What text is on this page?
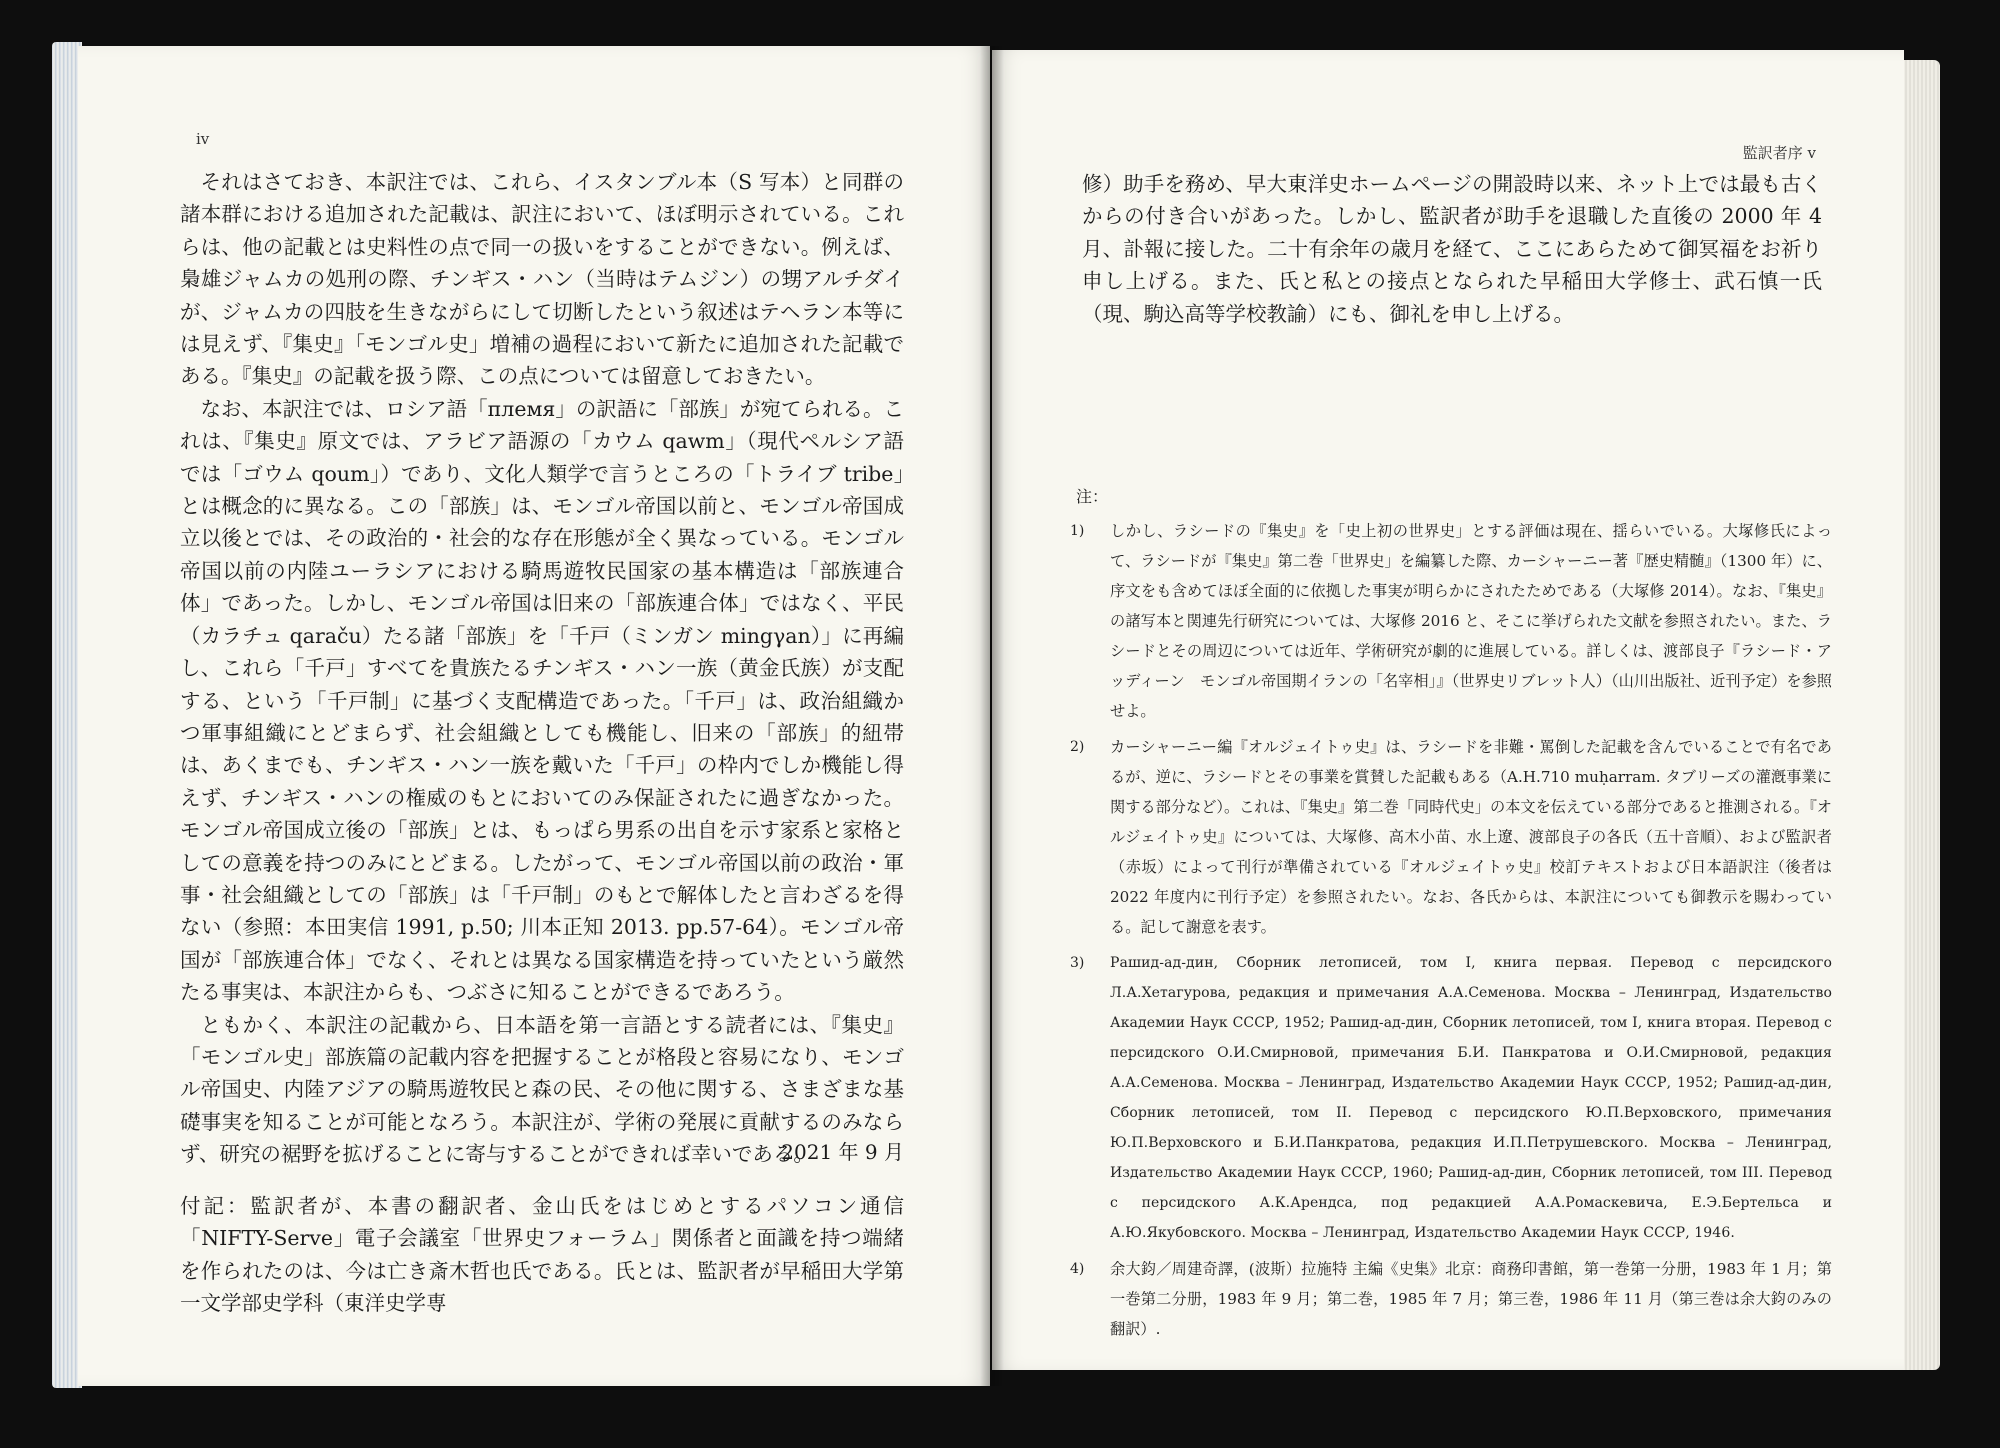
iv

それはさておき、本訳注では、これら、イスタンブル本（S 写本）と同群の諸本群における追加された記載は、訳注において、ほぼ明示されている。これらは、他の記載とは史料性の点で同一の扱いをすることができない。例えば、梟雄ジャムカの処刑の際、チンギス・ハン（当時はテムジン）の甥アルチダイが、ジャムカの四肢を生きながらにして切断したという叙述はテヘラン本等には見えず、『集史』「モンゴル史」増補の過程において新たに追加された記載である。『集史』の記載を扱う際、この点については留意しておきたい。

なお、本訳注では、ロシア語「племя」の訳語に「部族」が宛てられる。これは、『集史』原文では、アラビア語源の「カウム qawm」（現代ペルシア語では「ゴウム qoum」）であり、文化人類学で言うところの「トライブ tribe」とは概念的に異なる。この「部族」は、モンゴル帝国以前と、モンゴル帝国成立以後とでは、その政治的・社会的な存在形態が全く異なっている。モンゴル帝国以前の内陸ユーラシアにおける騎馬遊牧民国家の基本構造は「部族連合体」であった。しかし、モンゴル帝国は旧来の「部族連合体」ではなく、平民（カラチュ qaraču）たる諸「部族」を「千戸（ミンガン mingγan）」に再編し、これら「千戸」すべてを貴族たるチンギス・ハン一族（黄金氏族）が支配する、という「千戸制」に基づく支配構造であった。「千戸」は、政治組織かつ軍事組織にとどまらず、社会組織としても機能し、旧来の「部族」的紐帯は、あくまでも、チンギス・ハン一族を戴いた「千戸」の枠内でしか機能し得えず、チンギス・ハンの権威のもとにおいてのみ保証されたに過ぎなかった。モンゴル帝国成立後の「部族」とは、もっぱら男系の出自を示す家系と家格としての意義を持つのみにとどまる。したがって、モンゴル帝国以前の政治・軍事・社会組織としての「部族」は「千戸制」のもとで解体したと言わざるを得ない（参照：本田実信 1991, p.50; 川本正知 2013. pp.57-64）。モンゴル帝国が「部族連合体」でなく、それとは異なる国家構造を持っていたという厳然たる事実は、本訳注からも、つぶさに知ることができるであろう。

ともかく、本訳注の記載から、日本語を第一言語とする読者には、『集史』「モンゴル史」部族篇の記載内容を把握することが格段と容易になり、モンゴル帝国史、内陸アジアの騎馬遊牧民と森の民、その他に関する、さまざまな基礎事実を知ることが可能となろう。本訳注が、学術の発展に貢献するのみならず、研究の裾野を拡げることに寄与することができれば幸いである。

2021 年 9 月

付記：監訳者が、本書の翻訳者、金山氏をはじめとするパソコン通信「NIFTY-Serve」電子会議室「世界史フォーラム」関係者と面識を持つ端緒を作られたのは、今は亡き斎木哲也氏である。氏とは、監訳者が早稲田大学第一文学部史学科（東洋史学専

監訳者序 v

修）助手を務め、早大東洋史ホームページの開設時以来、ネット上では最も古くからの付き合いがあった。しかし、監訳者が助手を退職した直後の 2000 年 4 月、訃報に接した。二十有余年の歳月を経て、ここにあらためて御冥福をお祈り申し上げる。また、氏と私との接点となられた早稲田大学修士、武石慎一氏（現、駒込高等学校教諭）にも、御礼を申し上げる。

注：
1)	しかし、ラシードの『集史』を「史上初の世界史」とする評価は現在、揺らいでいる。大塚修氏によって、ラシードが『集史』第二巻「世界史」を編纂した際、カーシャーニー著『歴史精髄』（1300 年）に、序文をも含めてほぼ全面的に依拠した事実が明らかにされたためである（大塚修 2014）。なお、『集史』の諸写本と関連先行研究については、大塚修 2016 と、そこに挙げられた文献を参照されたい。また、ラシードとその周辺については近年、学術研究が劇的に進展している。詳しくは、渡部良子『ラシード・アッディーン　モンゴル帝国期イランの「名宰相」』（世界史リブレット人）（山川出版社、近刊予定）を参照せよ。
2)	カーシャーニー編『オルジェイトゥ史』は、ラシードを非難・罵倒した記載を含んでいることで有名であるが、逆に、ラシードとその事業を賞賛した記載もある（A.H.710 muḥarram. タブリーズの灌漑事業に関する部分など）。これは、『集史』第二巻「同時代史」の本文を伝えている部分であると推測される。『オルジェイトゥ史』については、大塚修、高木小苗、水上遼、渡部良子の各氏（五十音順）、および監訳者（赤坂）によって刊行が準備されている『オルジェイトゥ史』校訂テキストおよび日本語訳注（後者は 2022 年度内に刊行予定）を参照されたい。なお、各氏からは、本訳注についても御教示を賜わっている。記して謝意を表す。
3)	Рашид-ад-дин, Сборник летописей, том I, книга первая. Перевод с персидского Л.А.Хетагурова, редакция и примечания А.А.Семенова. Москва – Ленинград, Издательство Академии Наук СССР, 1952; Рашид-ад-дин, Сборник летописей, том I, книга вторая. Перевод с персидского О.И.Смирновой, примечания Б.И. Панкратова и О.И.Смирновой, редакция А.А.Семенова. Москва – Ленинград, Издательство Академии Наук СССР, 1952; Рашид-ад-дин, Сборник летописей, том II. Перевод с персидского Ю.П.Верховского, примечания Ю.П.Верховского и Б.И.Панкратова, редакция И.П.Петрушевского. Москва – Ленинград, Издательство Академии Наук СССР, 1960; Рашид-ад-дин, Сборник летописей, том III. Перевод с персидского А.К.Арендса, под редакцией А.А.Ромаскевича, Е.Э.Бертельса и А.Ю.Якубовского. Москва – Ленинград, Издательство Академии Наук СССР, 1946.
4)	余大鈞／周建奇譯，(波斯）拉施特 主編《史集》北京：商務印書館，第一巻第一分册，1983 年 1 月；第一巻第二分册，1983 年 9 月；第二巻，1985 年 7 月；第三巻，1986 年 11 月（第三巻は余大鈞のみの翻訳）.
